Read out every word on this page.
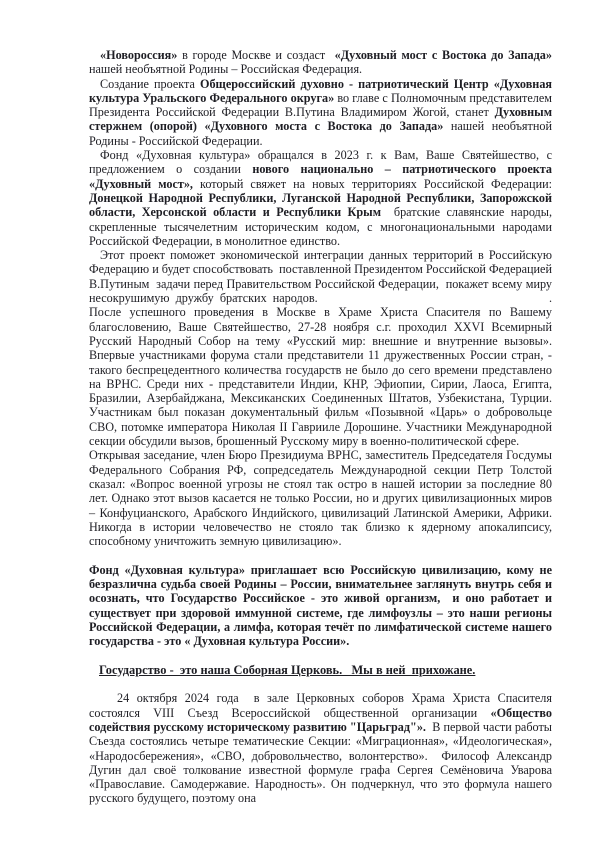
«Новороссия» в городе Москве и создаст  «Духовный мост с Востока до Запада» нашей необъятной Родины – Российская Федерация.
Создание проекта Общероссийский духовно - патриотический Центр «Духовная культура Уральского Федерального округа» во главе с Полномочным представителем Президента Российской Федерации В.Путина Владимиром Жогой, станет Духовным стержнем (опорой) «Духовного моста с Востока до Запада» нашей необъятной Родины - Российской Федерации.
Фонд «Духовная культура» обращался в 2023 г. к Вам, Ваше Святейшество, с предложением о создании нового национально – патриотического проекта «Духовный мост», который свяжет на новых территориях Российской Федерации: Донецкой Народной Республики, Луганской Народной Республики, Запорожской области, Херсонской области и Республики Крым  братские славянские народы, скрепленные тысячелетним историческим кодом, с многонациональными народами Российской Федерации, в монолитное единство.
Этот проект поможет экономической интеграции данных территорий в Российскую Федерацию и будет способствовать  поставленной Президентом Российской Федерацией В.Путиным  задачи перед Правительством Российской Федерации,  покажет всему миру несокрушимую  дружбу  братских  народов.	.
После успешного проведения в Москве в Храме Христа Спасителя по Вашему благословению, Ваше Святейшество, 27-28 ноября с.г. проходил XXVI Всемирный Русский Народный Собор на тему «Русский мир: внешние и внутренние вызовы». Впервые участниками форума стали представители 11 дружественных России стран, - такого беспрецедентного количества государств не было до сего времени представлено на ВРНС. Среди них - представители Индии, КНР, Эфиопии, Сирии, Лаоса, Египта, Бразилии, Азербайджана, Мексиканских Соединенных Штатов, Узбекистана, Турции. Участникам был показан документальный фильм «Позывной «Царь» о добровольце СВО, потомке императора Николая II Гаврииле Дорошине. Участники Международной секции обсудили вызов, брошенный Русскому миру в военно-политической сфере.
Открывая заседание, член Бюро Президиума ВРНС, заместитель Председателя Госдумы Федерального Собрания РФ, сопредседатель Международной секции Петр Толстой сказал: «Вопрос военной угрозы не стоял так остро в нашей истории за последние 80 лет. Однако этот вызов касается не только России, но и других цивилизационных миров – Конфуцианского, Арабского Индийского, цивилизаций Латинской Америки, Африки. Никогда в истории человечество не стояло так близко к ядерному апокалипсису, способному уничтожить земную цивилизацию».
Фонд «Духовная культура» приглашает всю Российскую цивилизацию, кому не безразлична судьба своей Родины – России, внимательнее заглянуть внутрь себя и осознать, что Государство Российское - это живой организм,  и оно работает и существует при здоровой иммунной системе, где лимфоузлы – это наши регионы Российской Федерации, а лимфа, которая течёт по лимфатической системе нашего государства - это « Духовная культура России».
Государство -  это наша Соборная Церковь.   Мы в ней  прихожане.
24 октября 2024 года  в зале Церковных соборов Храма Христа Спасителя состоялся VIII Съезд Всероссийской общественной организации «Общество содействия русскому историческому развитию "Царьград"».  В первой части работы Съезда состоялись четыре тематические Секции: «Миграционная», «Идеологическая», «Народосбережения», «СВО, добровольчество, волонтерство».  Философ Александр Дугин дал своё толкование известной формуле графа Сергея Семёновича Уварова «Православие. Самодержавие. Народность». Он подчеркнул, что это формула нашего русского будущего, поэтому она
